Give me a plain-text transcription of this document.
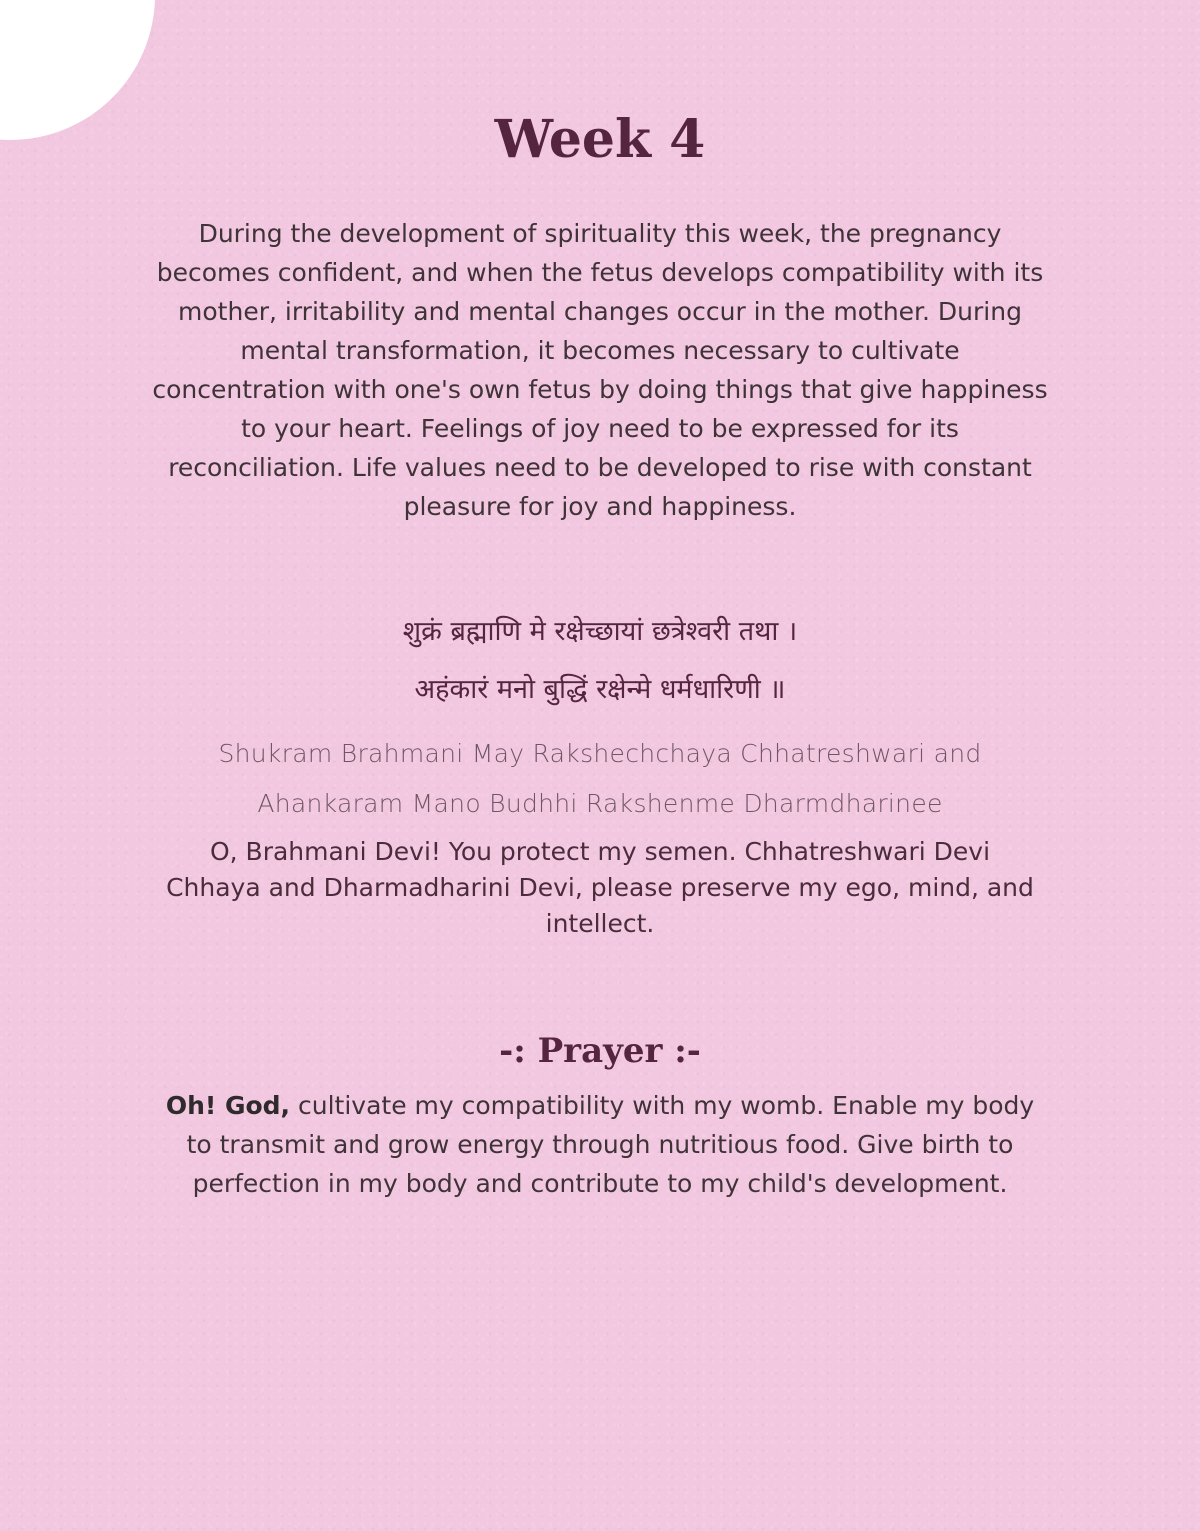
Week 4

During the development of spirituality this week, the pregnancy becomes confident, and when the fetus develops compatibility with its mother, irritability and mental changes occur in the mother. During mental transformation, it becomes necessary to cultivate concentration with one's own fetus by doing things that give happiness to your heart. Feelings of joy need to be expressed for its reconciliation. Life values need to be developed to rise with constant pleasure for joy and happiness.

शुक्रं ब्रह्माणि मे रक्षेच्छायां छत्रेश्वरी तथा ।

अहंकारं मनो बुद्धिं रक्षेन्मे धर्मधारिणी ॥

Shukram Brahmani May Rakshechchaya Chhatreshwari and

Ahankaram Mano Budhhi Rakshenme Dharmdharinee

O, Brahmani Devi! You protect my semen. Chhatreshwari Devi Chhaya and Dharmadharini Devi, please preserve my ego, mind, and intellect.

-: Prayer :-

Oh! God, cultivate my compatibility with my womb. Enable my body to transmit and grow energy through nutritious food. Give birth to perfection in my body and contribute to my child's development.
